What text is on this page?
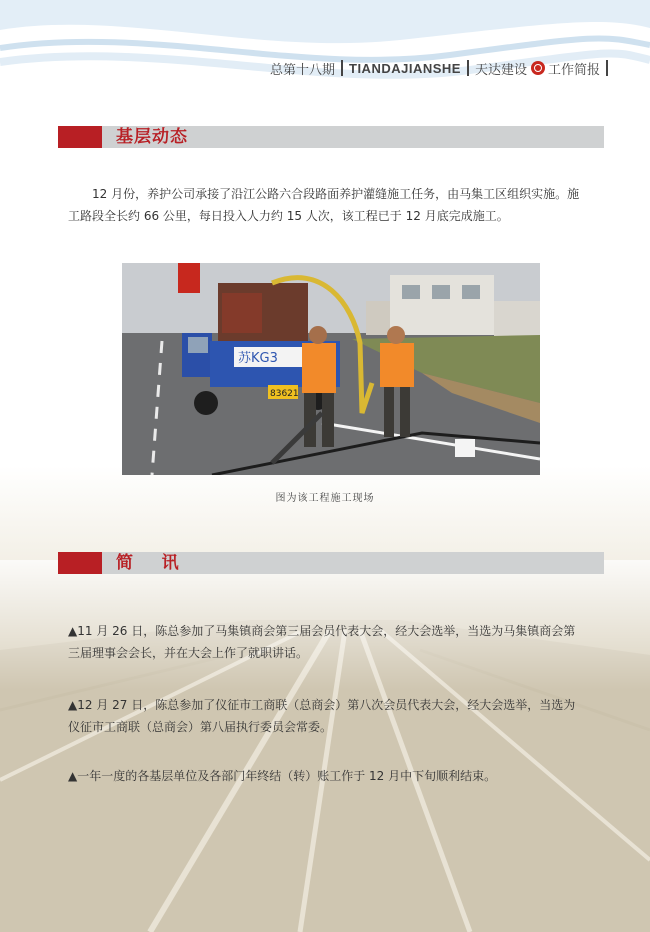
总第十八期 TIANDAJIANSHE 天达建设 工作简报
基层动态

12 月份，养护公司承接了沿江公路六合段路面养护灌缝施工任务，由马集工区组织实施。施工路段全长约 66 公里，每日投入人力约 15 人次，该工程已于 12 月底完成施工。

苏KG3
83621
图为该工程施工现场
简    讯

▲11 月 26 日，陈总参加了马集镇商会第三届会员代表大会，经大会选举，当选为马集镇商会第三届理事会会长，并在大会上作了就职讲话。

▲12 月 27 日，陈总参加了仪征市工商联（总商会）第八次会员代表大会，经大会选举，当选为仪征市工商联（总商会）第八届执行委员会常委。

▲一年一度的各基层单位及各部门年终结（转）账工作于 12 月中下旬顺利结束。
